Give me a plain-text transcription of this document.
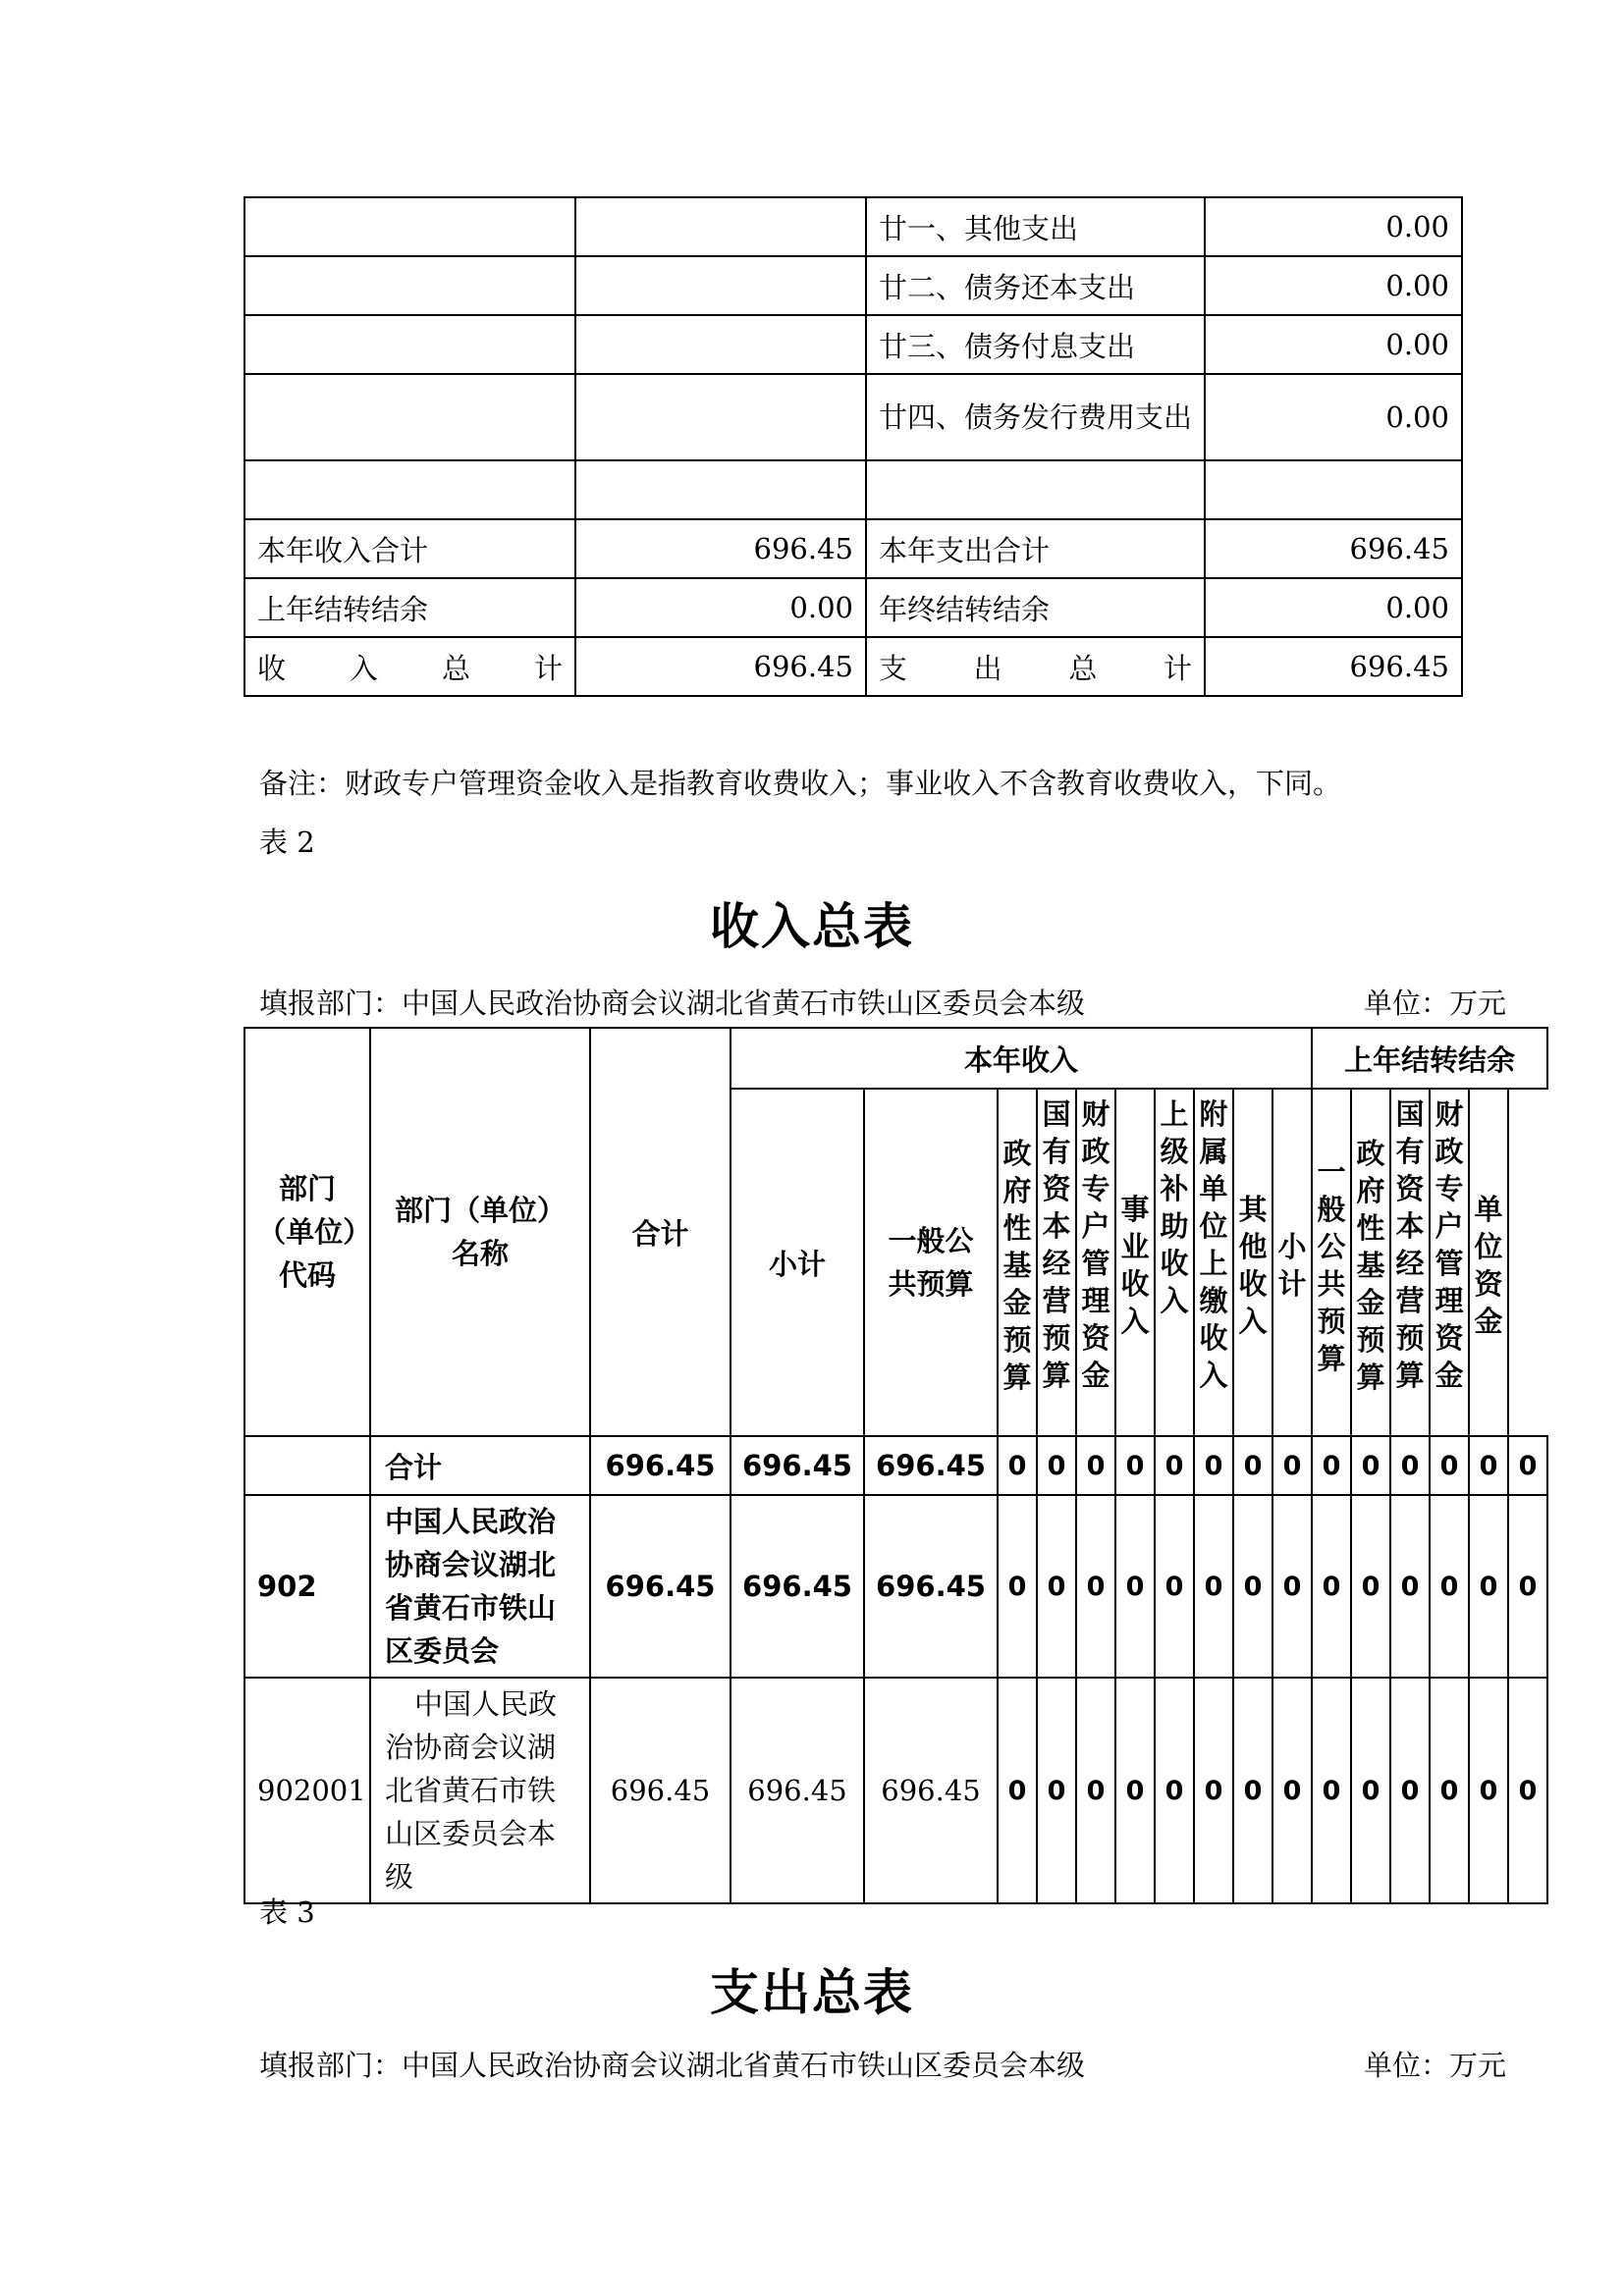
		廿一、其他支出	0.00
		廿二、债务还本支出	0.00
		廿三、债务付息支出	0.00
		廿四、债务发行费用支出	0.00

本年收入合计	696.45	本年支出合计	696.45
上年结转结余	0.00	年终结转结余	0.00

收 入 总 计	696.45	支 出 总 计	696.45
备注：财政专户管理资金收入是指教育收费收入；事业收入不含教育收费收入，下同。
表 2
收入总表
填报部门：中国人民政治协商会议湖北省黄石市铁山区委员会本级	单位：万元
部门（单位）代码	部门（单位）名称	合计	本年收入										上年结转结余					
			小计	一般公共预算	政府性基金预算	国有资本经营预算	财政专户管理资金	事业收入	上级补助收入	附属单位上缴收入	其他收入	小计	一般公共预算	政府性基金预算	国有资本经营预算	财政专户管理资金	单位资金	
	合计	696.45	696.45	696.45	0	0	0	0	0	0	0	0	0	0	0	0	0	0
902	中国人民政治协商会议湖北省黄石市铁山区委员会	696.45	696.45	696.45	0	0	0	0	0	0	0	0	0	0	0	0	0	0
902001	中国人民政治协商会议湖北省黄石市铁山区委员会本级	696.45	696.45	696.45	0	0	0	0	0	0	0	0	0	0	0	0	0	0
表 3
支出总表
填报部门：中国人民政治协商会议湖北省黄石市铁山区委员会本级	单位：万元
